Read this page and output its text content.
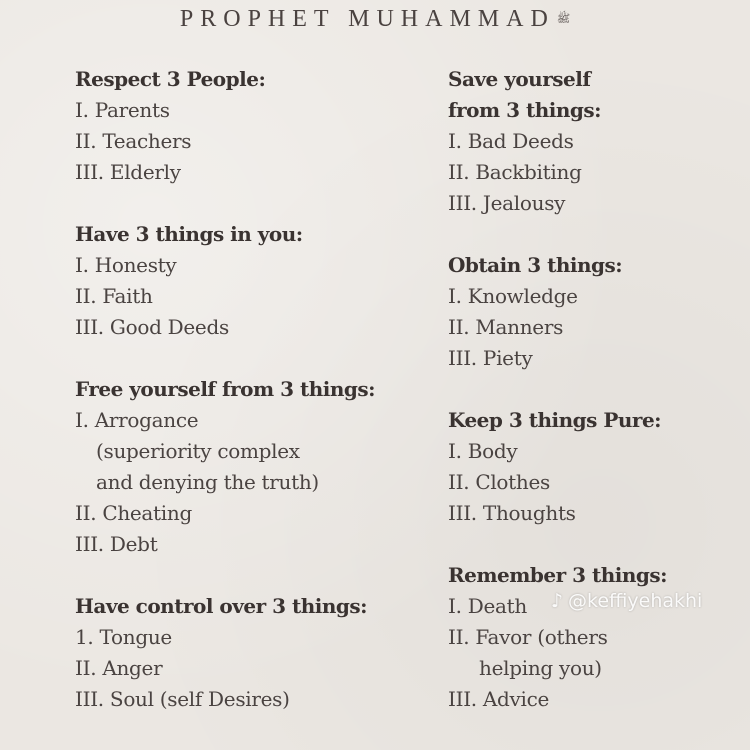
PROPHET MUHAMMAD ﷺ
Respect 3 People:
I. Parents
II. Teachers
III. Elderly
Have 3 things in you:
I. Honesty
II. Faith
III. Good Deeds
Free yourself from 3 things:
I. Arrogance
(superiority complex
and denying the truth)
II. Cheating
III. Debt
Have control over 3 things:
1. Tongue
II. Anger
III. Soul (self Desires)
Save yourself
from 3 things:
I. Bad Deeds
II. Backbiting
III. Jealousy
Obtain 3 things:
I. Knowledge
II. Manners
III. Piety
Keep 3 things Pure:
I. Body
II. Clothes
III. Thoughts
Remember 3 things:
I. Death
II. Favor (others
helping you)
III. Advice
♪ @keffiyehakhi
